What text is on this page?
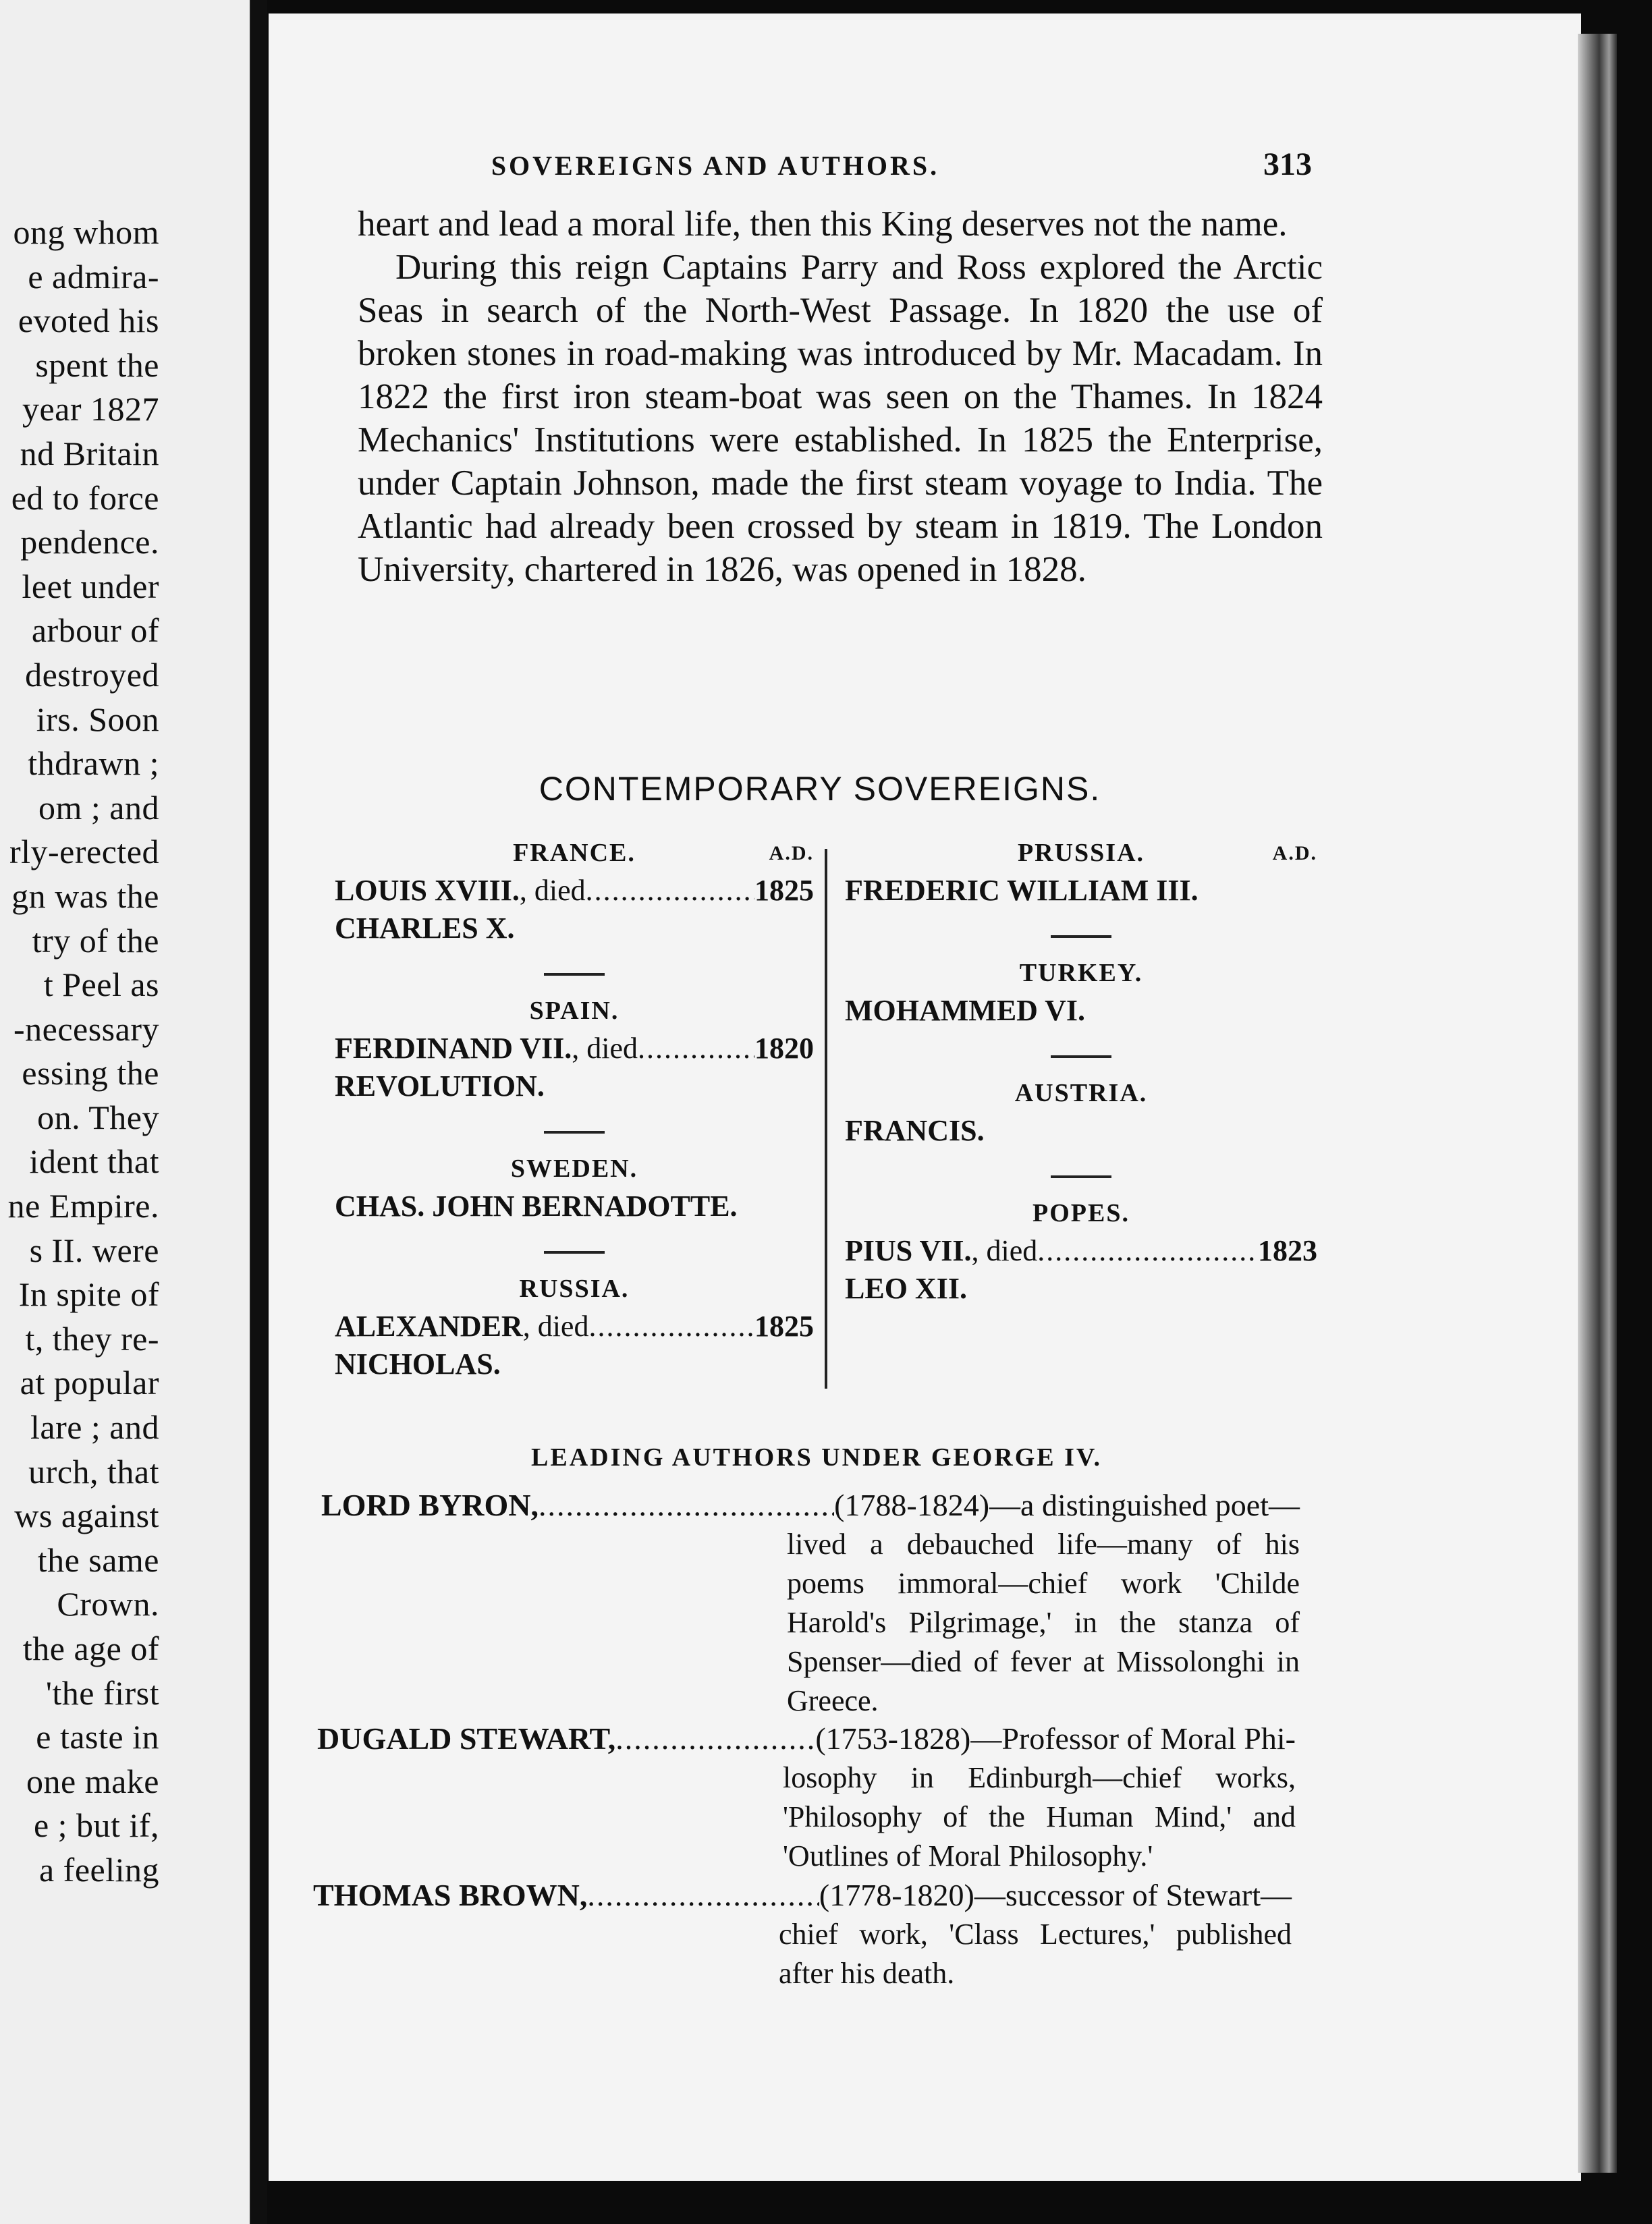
ong whom
e admira-
evoted his
spent the
year 1827
nd Britain
ed to force
pendence.
leet under
arbour of
destroyed
irs. Soon
thdrawn ;
om ; and
rly-erected
gn was the
try of the
t Peel as
-necessary
essing the
on. They
ident that
ne Empire.
s II. were
In spite of
t, they re-
at popular
lare ; and
urch, that
ws against
the same
Crown.
the age of
'the first
e taste in
one make
e ; but if,
a feeling
SOVEREIGNS AND AUTHORS.	313

heart and lead a moral life, then this King deserves not the name.

During this reign Captains Parry and Ross explored the Arctic Seas in search of the North-West Passage. In 1820 the use of broken stones in road-making was introduced by Mr. Macadam. In 1822 the first iron steam-boat was seen on the Thames. In 1824 Mechanics' Institutions were established. In 1825 the Enterprise, under Captain Johnson, made the first steam voyage to India. The Atlantic had already been crossed by steam in 1819. The London University, chartered in 1826, was opened in 1828.

CONTEMPORARY SOVEREIGNS.
FRANCE.	A.D.
LOUIS XVIII. , died .....	1825
CHARLES X.
SPAIN.
FERDINAND VII. , died .....	1820
REVOLUTION.
SWEDEN.
CHAS. JOHN BERNADOTTE.
RUSSIA.
ALEXANDER , died .....	1825
NICHOLAS.
PRUSSIA.	A.D.
FREDERIC WILLIAM III.
TURKEY.
MOHAMMED VI.
AUSTRIA.
FRANCIS.
POPES.
PIUS VII. , died .....	1823
LEO XII.
LEADING AUTHORS UNDER GEORGE IV.
LORD BYRON, .....	(1788-1824) —a distinguished poet—
lived a debauched life—many of his poems immoral—chief work 'Childe Harold's Pilgrimage,' in the stanza of Spenser—died of fever at Missolonghi in Greece.
DUGALD STEWART, .....	(1753-1828) —Professor of Moral Phi-
losophy in Edinburgh—chief works, 'Philosophy of the Human Mind,' and 'Outlines of Moral Philosophy.'
THOMAS BROWN, .....	(1778-1820) —successor of Stewart—
chief work, 'Class Lectures,' published after his death.
